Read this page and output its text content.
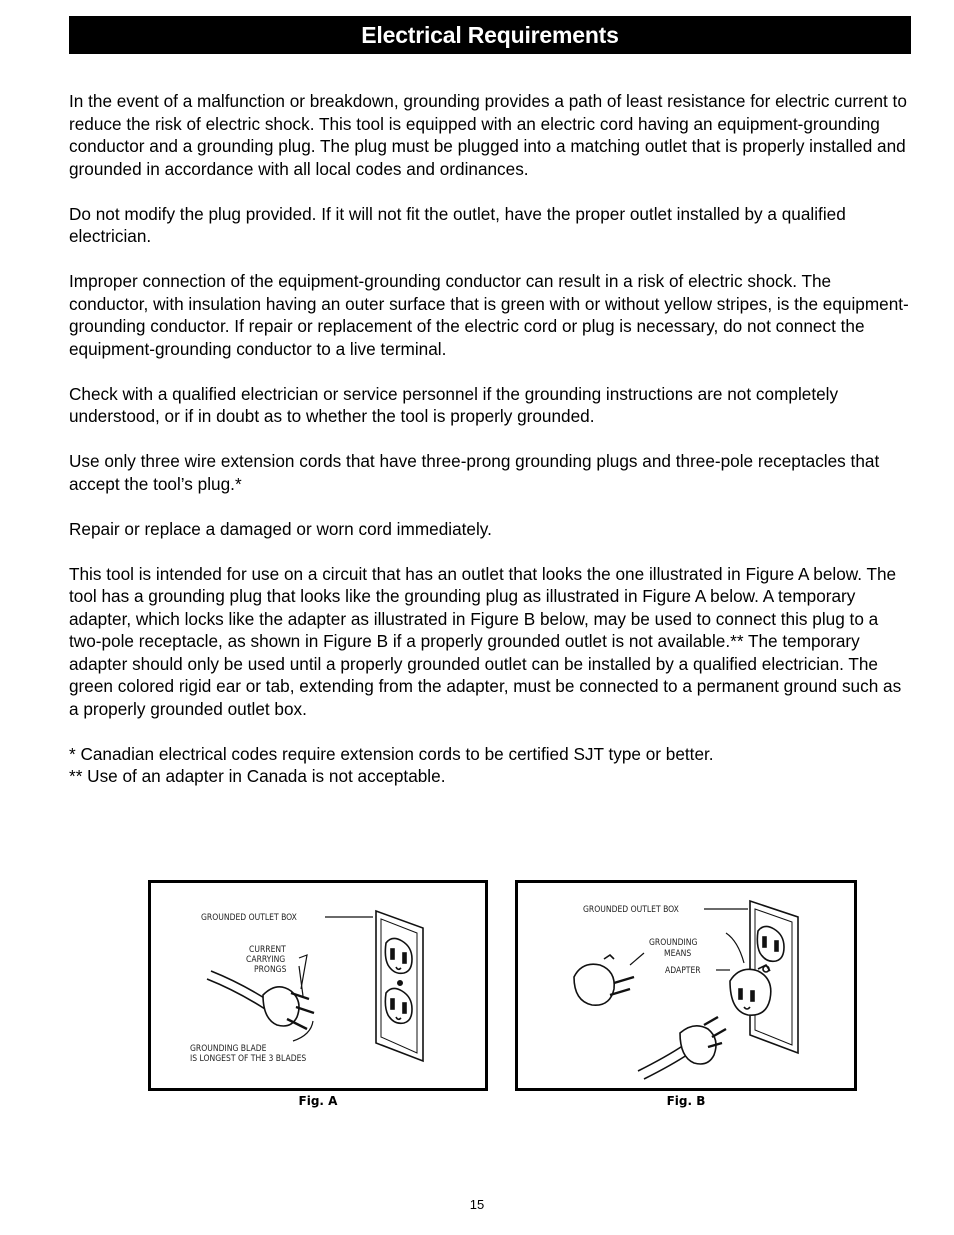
Electrical Requirements

In the event of a malfunction or breakdown, grounding provides a path of least resistance for electric current to reduce the risk of electric shock. This tool is equipped with an electric cord having an equipment-grounding conductor and a grounding plug. The plug must be plugged into a matching outlet that is properly installed and grounded in accordance with all local codes and ordinances.

Do not modify the plug provided. If it will not fit the outlet, have the proper outlet installed by a qualified electrician.

Improper connection of the equipment-grounding conductor can result in a risk of electric shock. The conductor, with insulation having an outer surface that is green with or without yellow stripes, is the equipment-grounding conductor. If repair or replacement of the electric cord or plug is necessary, do not connect the equipment-grounding conductor to a live terminal.

Check with a qualified electrician or service personnel if the grounding instructions are not completely understood, or if in doubt as to whether the tool is properly grounded.

Use only three wire extension cords that have three-prong grounding plugs and three-pole receptacles that accept the tool’s plug.*

Repair or replace a damaged or worn cord immediately.

This tool is intended for use on a circuit that has an outlet that looks the one illustrated in Figure A below. The tool has a grounding plug that looks like the grounding plug as illustrated in Figure A below. A temporary adapter, which locks like the adapter as illustrated in Figure B below, may be used to connect this plug to a two-pole receptacle, as shown in Figure B if a properly grounded outlet is not available.** The temporary adapter should only be used until a properly grounded outlet can be installed by a qualified electrician. The green colored rigid ear or tab, extending from the adapter, must be connected to a permanent ground such as a properly grounded outlet box.

* Canadian electrical codes require extension cords to be certified SJT type or better.
** Use of an adapter in Canada is not acceptable.
GROUNDED OUTLET BOX
CURRENT
CARRYING
PRONGS
GROUNDING BLADE
IS LONGEST OF THE 3 BLADES
Fig. A
GROUNDED OUTLET BOX
GROUNDING
MEANS
ADAPTER
Fig. B
15
